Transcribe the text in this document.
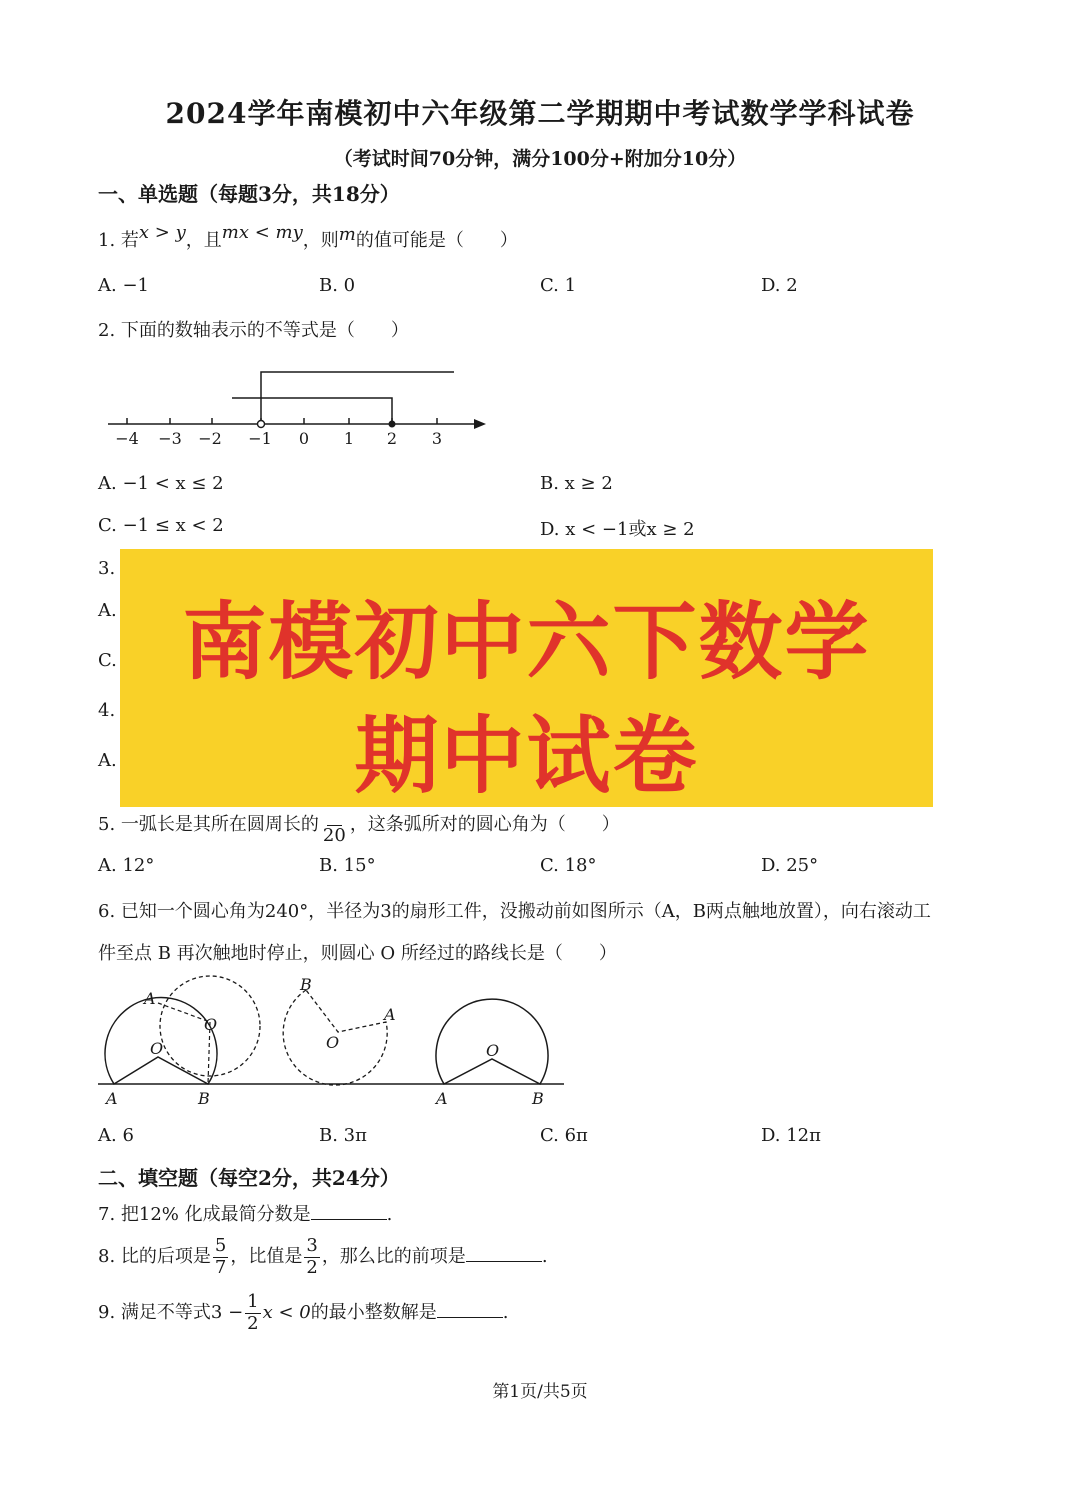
2024学年南模初中六年级第二学期期中考试数学学科试卷
（考试时间70分钟，满分100分+附加分10分）
一、单选题（每题3分，共18分）
1. 若x > y，且mx < my，则m的值可能是（　　）
A. −1	B. 0	C. 1	D. 2
2. 下面的数轴表示的不等式是（　　）
−4 −3 −2 −1 0 1 2 3
A. −1 < x ≤ 2	B. x ≥ 2
C. −1 ≤ x < 2	D. x < −1或x ≥ 2
3.
A.
C.
4.
A.
南模初中六下数学
期中试卷
5. 一弧长是其所在圆周长的 20 ，这条弧所对的圆心角为（　　）
A. 12°	B. 15°	C. 18°	D. 25°
6. 已知一个圆心角为240°，半径为3的扇形工件，没搬动前如图所示（A，B两点触地放置），向右滚动工
件至点 B 再次触地时停止，则圆心 O 所经过的路线长是（　　）
A
O
O
A	B
B
A
O	O
A	B
A. 6	B. 3π	C. 6π	D. 12π
二、填空题（每空2分，共24分）
7. 把12% 化成最简分数是	.
8. 比的后项是 $\frac{5}{7}$ ，比值是 $\frac{3}{2}$ ，那么比的前项是	.
9. 满足不等式$3 - \frac{1}{2}$ x < 0的最小整数解是	.
第1页/共5页
